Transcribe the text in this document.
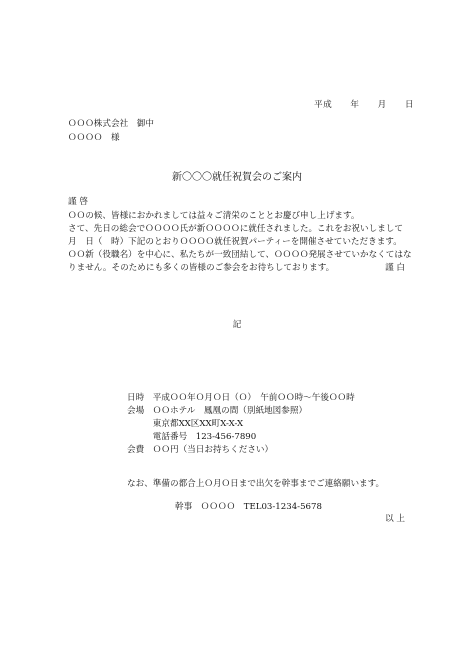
平成　　年　　月　　日
ＯＯＯ株式会社　御中
ＯＯＯＯ　様
新〇〇〇就任祝賀会のご案内
謹 啓
ＯＯの候、皆様におかれましては益々ご清栄のこととお慶び申し上げます。
さて、先日の総会でＯＯＯＯ氏が新ＯＯＯＯに就任されました。これをお祝いしまして
月　日（　時）下記のとおりＯＯＯＯ就任祝賀パーティーを開催させていただきます。
ＯＯ新（役職名）を中心に、私たちが一致団結して、ＯＯＯＯ発展させていかなくてはな
りません。そのためにも多くの皆様のご参会をお待ちしております。	謹 白
記
日時　平成ＯＯ年Ｏ月Ｏ日（Ｏ）　午前ＯＯ時～午後ＯＯ時
会場　ＯＯホテル　鳳凰の間（別紙地図参照）
　　　東京都XX区XX町X-X-X
　　　電話番号　123-456-7890
会費　ＯＯ円（当日お持ちください）
なお、準備の都合上Ｏ月Ｏ日まで出欠を幹事までご連絡願います。
幹事　ＯＯＯＯ　TEL03-1234-5678
以 上
